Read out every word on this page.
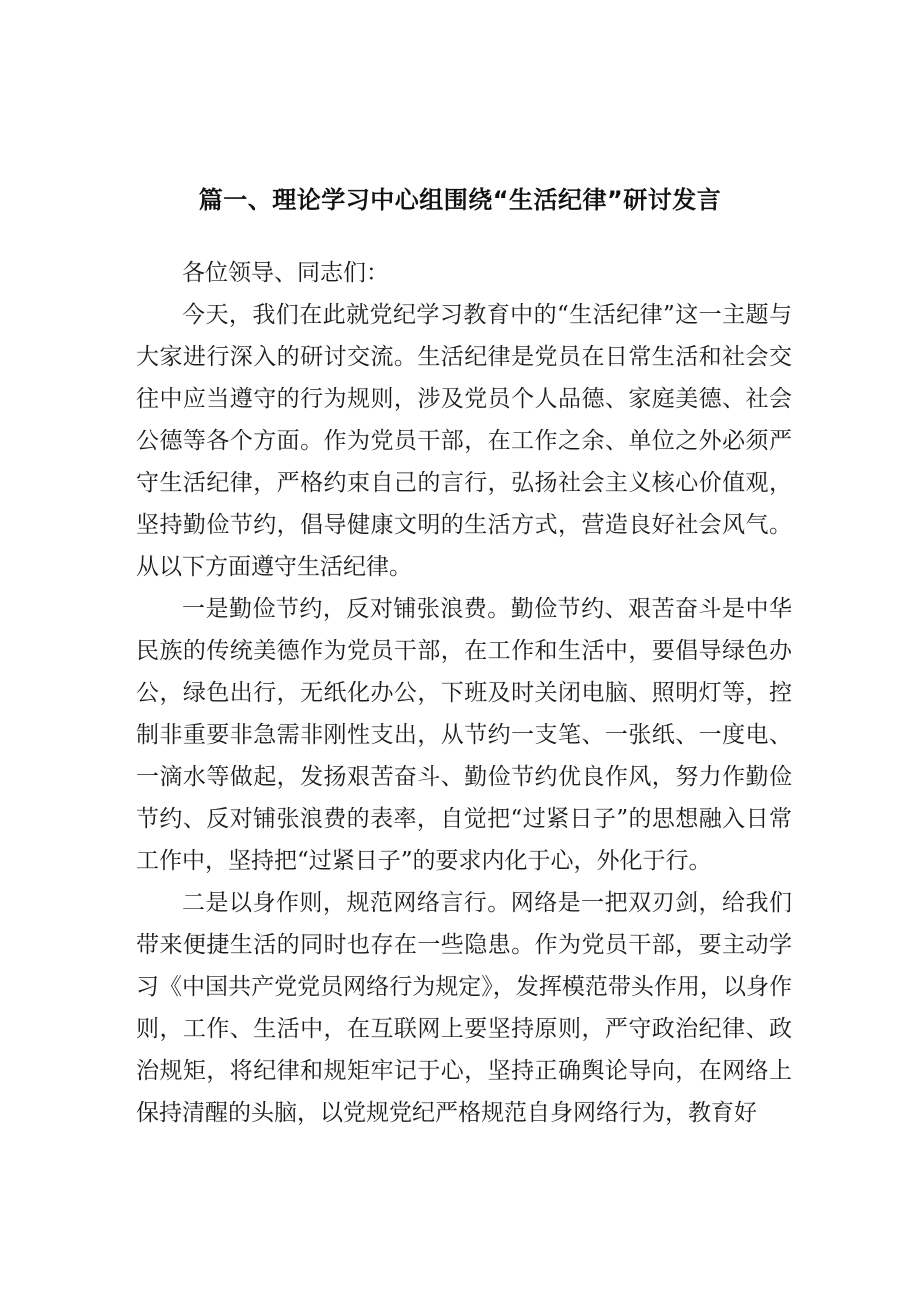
篇一、理论学习中心组围绕“生活纪律”研讨发言

各位领导、同志们：

今天，我们在此就党纪学习教育中的“生活纪律”这一主题与大家进行深入的研讨交流。生活纪律是党员在日常生活和社会交往中应当遵守的行为规则，涉及党员个人品德、家庭美德、社会公德等各个方面。作为党员干部，在工作之余、单位之外必须严守生活纪律，严格约束自己的言行，弘扬社会主义核心价值观，坚持勤俭节约，倡导健康文明的生活方式，营造良好社会风气。从以下方面遵守生活纪律。

一是勤俭节约，反对铺张浪费。勤俭节约、艰苦奋斗是中华民族的传统美德作为党员干部，在工作和生活中，要倡导绿色办公，绿色出行，无纸化办公，下班及时关闭电脑、照明灯等，控制非重要非急需非刚性支出，从节约一支笔、一张纸、一度电、一滴水等做起，发扬艰苦奋斗、勤俭节约优良作风，努力作勤俭节约、反对铺张浪费的表率，自觉把“过紧日子”的思想融入日常工作中，坚持把“过紧日子”的要求内化于心，外化于行。

二是以身作则，规范网络言行。网络是一把双刃剑，给我们带来便捷生活的同时也存在一些隐患。作为党员干部，要主动学习《中国共产党党员网络行为规定》，发挥模范带头作用，以身作则，工作、生活中，在互联网上要坚持原则，严守政治纪律、政治规矩，将纪律和规矩牢记于心，坚持正确舆论导向，在网络上保持清醒的头脑，以党规党纪严格规范自身网络行为，教育好
